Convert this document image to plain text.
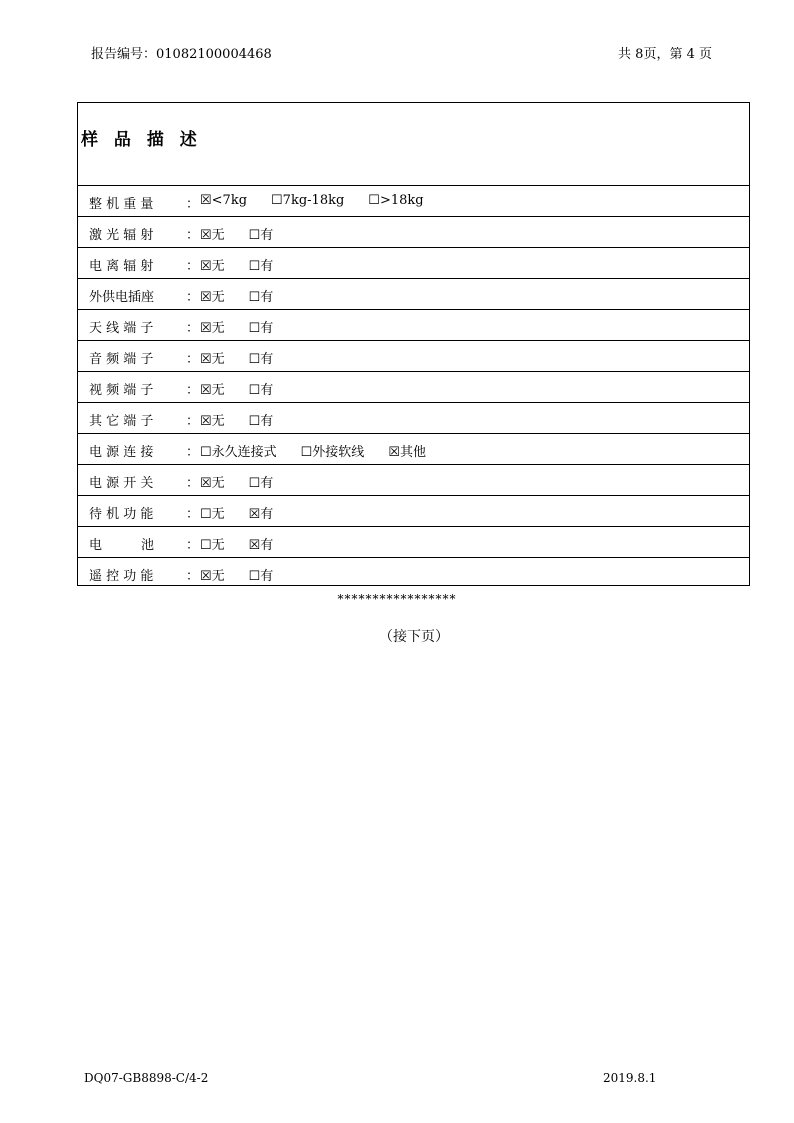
报告编号：01082100004468	共 8页，第 4 页
样 品 描 述
整 机 重 量	： ☒<7kg ☐7kg-18kg ☐>18kg
激 光 辐 射	： ☒无 ☐有
电 离 辐 射	： ☒无 ☐有
外供电插座 ： ☒无 ☐有
天 线 端 子	： ☒无 ☐有
音 频 端 子	： ☒无 ☐有
视 频 端 子	： ☒无 ☐有
其 它 端 子	： ☒无 ☐有
电 源 连 接	： ☐永久连接式 ☐外接软线 ☒其他
电 源 开 关	： ☒无 ☐有
待 机 功 能	： ☐无 ☒有
电　　　池 ： ☐无 ☒有
遥 控 功 能	： ☒无 ☐有
*****************
（接下页）
DQ07-GB8898-C/4-2	2019.8.1
